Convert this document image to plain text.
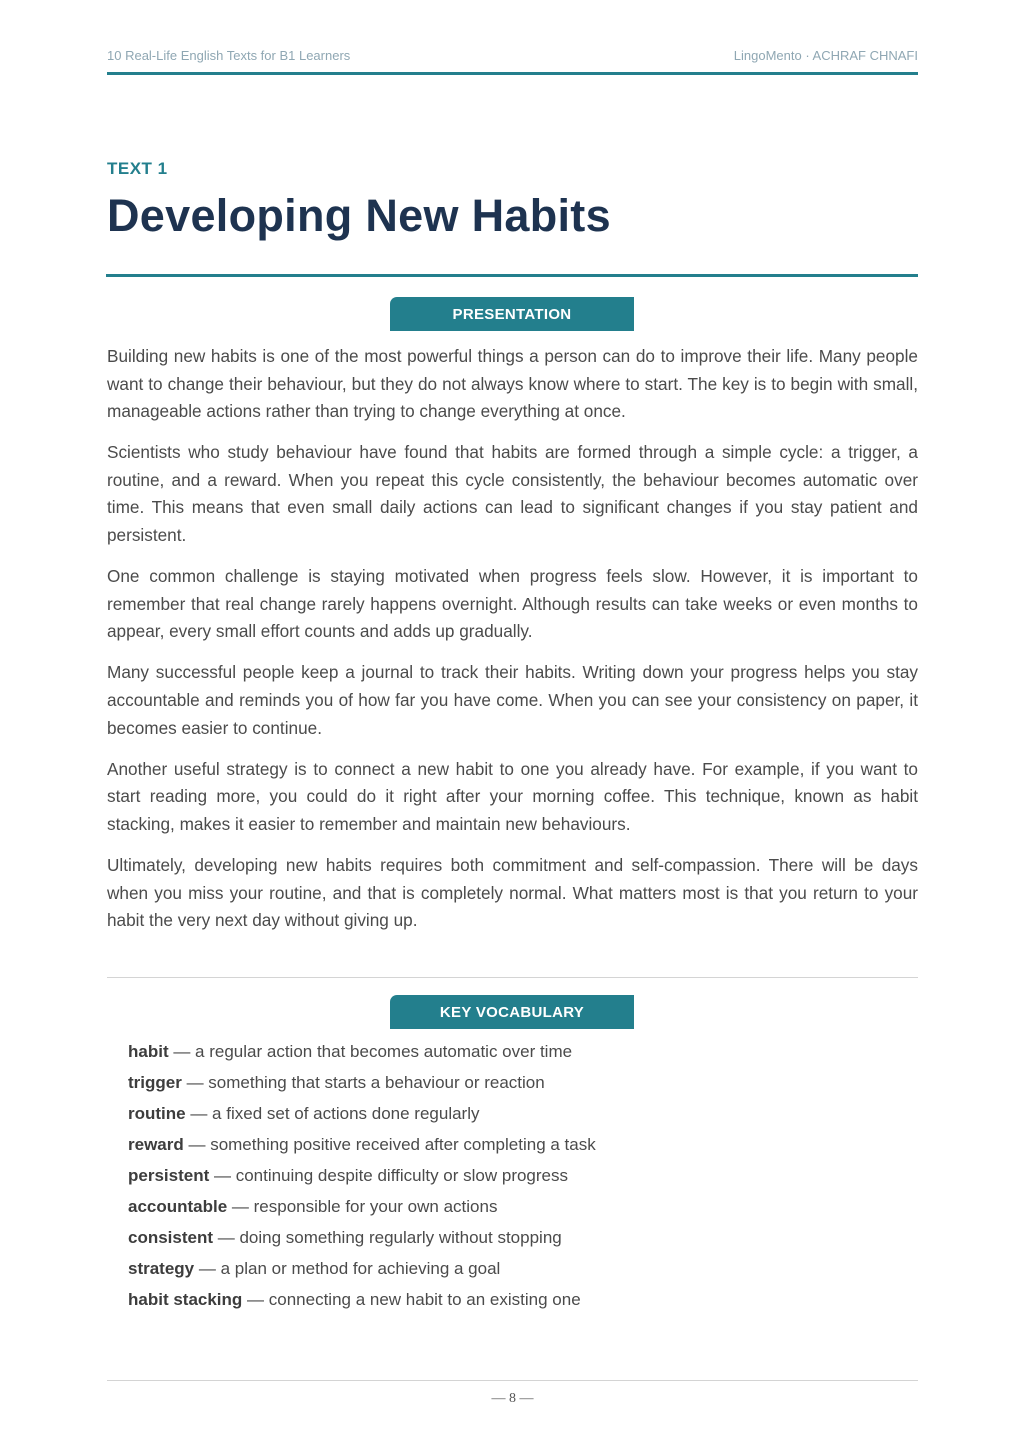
10 Real-Life English Texts for B1 Learners	LingoMento · ACHRAF CHNAFI
TEXT 1
Developing New Habits
PRESENTATION

Building new habits is one of the most powerful things a person can do to improve their life. Many people want to change their behaviour, but they do not always know where to start. The key is to begin with small, manageable actions rather than trying to change everything at once.

Scientists who study behaviour have found that habits are formed through a simple cycle: a trigger, a routine, and a reward. When you repeat this cycle consistently, the behaviour becomes automatic over time. This means that even small daily actions can lead to significant changes if you stay patient and persistent.

One common challenge is staying motivated when progress feels slow. However, it is important to remember that real change rarely happens overnight. Although results can take weeks or even months to appear, every small effort counts and adds up gradually.

Many successful people keep a journal to track their habits. Writing down your progress helps you stay accountable and reminds you of how far you have come. When you can see your consistency on paper, it becomes easier to continue.

Another useful strategy is to connect a new habit to one you already have. For example, if you want to start reading more, you could do it right after your morning coffee. This technique, known as habit stacking, makes it easier to remember and maintain new behaviours.

Ultimately, developing new habits requires both commitment and self-compassion. There will be days when you miss your routine, and that is completely normal. What matters most is that you return to your habit the very next day without giving up.

KEY VOCABULARY
habit — a regular action that becomes automatic over time
trigger — something that starts a behaviour or reaction
routine — a fixed set of actions done regularly
reward — something positive received after completing a task
persistent — continuing despite difficulty or slow progress
accountable — responsible for your own actions
consistent — doing something regularly without stopping
strategy — a plan or method for achieving a goal
habit stacking — connecting a new habit to an existing one
— 8 —
